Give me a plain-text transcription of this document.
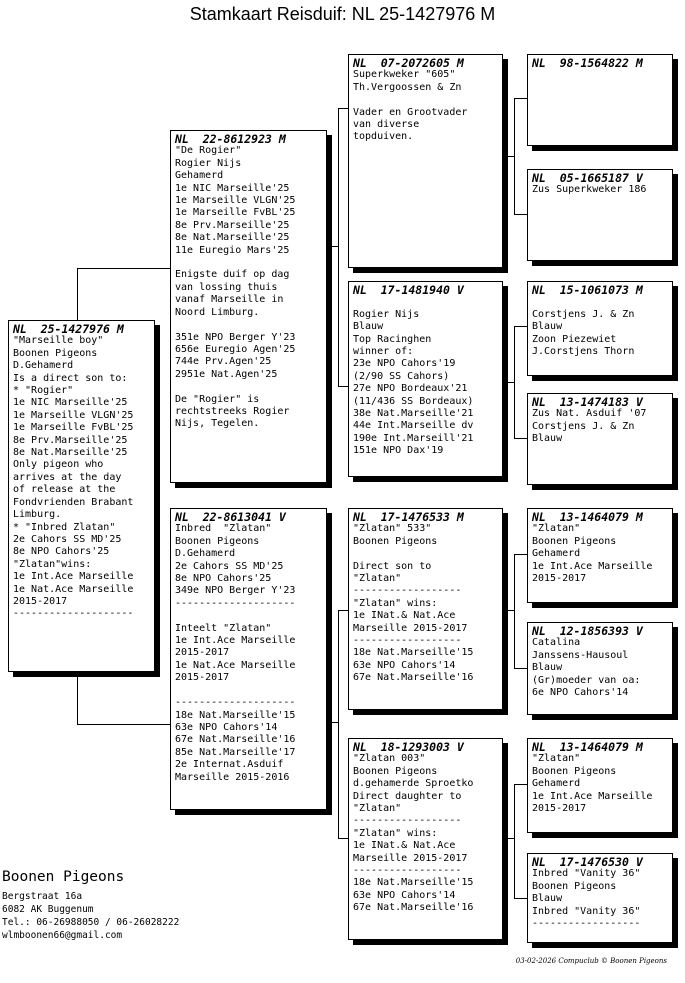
Stamkaart Reisduif: NL 25-1427976 M
NL  25-1427976 M
"Marseille boy"
Boonen Pigeons
D.Gehamerd
Is a direct son to:
* "Rogier"
1e NIC Marseille'25
1e Marseille VLGN'25
1e Marseille FvBL'25
8e Prv.Marseille'25
8e Nat.Marseille'25
Only pigeon who
arrives at the day
of release at the
Fondvrienden Brabant
Limburg.
* "Inbred Zlatan"
2e Cahors SS MD'25
8e NPO Cahors'25
"Zlatan"wins:
1e Int.Ace Marseille
1e Nat.Ace Marseille
2015-2017
--------------------
NL  22-8612923 M
"De Rogier"
Rogier Nijs
Gehamerd
1e NIC Marseille'25
1e Marseille VLGN'25
1e Marseille FvBL'25
8e Prv.Marseille'25
8e Nat.Marseille'25
11e Euregio Mars'25

Enigste duif op dag
van lossing thuis
vanaf Marseille in
Noord Limburg.

351e NPO Berger Y'23
656e Euregio Agen'25
744e Prv.Agen'25
2951e Nat.Agen'25

De "Rogier" is
rechtstreeks Rogier
Nijs, Tegelen.
NL  22-8613041 V
Inbred  "Zlatan"
Boonen Pigeons
D.Gehamerd
2e Cahors SS MD'25
8e NPO Cahors'25
349e NPO Berger Y'23
--------------------

Inteelt "Zlatan"
1e Int.Ace Marseille
2015-2017
1e Nat.Ace Marseille
2015-2017

--------------------
18e Nat.Marseille'15
63e NPO Cahors'14
67e Nat.Marseille'16
85e Nat.Marseille'17
2e Internat.Asduif
Marseille 2015-2016
NL  07-2072605 M
Superkweker "605"
Th.Vergoossen & Zn

Vader en Grootvader
van diverse
topduiven.
NL  17-1481940 V

Rogier Nijs
Blauw
Top Racinghen
winner of:
23e NPO Cahors'19
(2/90 SS Cahors)
27e NPO Bordeaux'21
(11/436 SS Bordeaux)
38e Nat.Marseille'21
44e Int.Marseille dv
190e Int.Marseill'21
151e NPO Dax'19
NL  17-1476533 M
"Zlatan" 533"
Boonen Pigeons

Direct son to
"Zlatan"
------------------
"Zlatan" wins:
1e INat.& Nat.Ace
Marseille 2015-2017
------------------
18e Nat.Marseille'15
63e NPO Cahors'14
67e Nat.Marseille'16
NL  18-1293003 V
"Zlatan 003"
Boonen Pigeons
d.gehamerde Sproetko
Direct daughter to
"Zlatan"
------------------
"Zlatan" wins:
1e INat.& Nat.Ace
Marseille 2015-2017
------------------
18e Nat.Marseille'15
63e NPO Cahors'14
67e Nat.Marseille'16
NL  98-1564822 M
NL  05-1665187 V
Zus Superkweker 186
NL  15-1061073 M

Corstjens J. & Zn
Blauw
Zoon Piezewiet
J.Corstjens Thorn
NL  13-1474183 V
Zus Nat. Asduif '07
Corstjens J. & Zn
Blauw
NL  13-1464079 M
"Zlatan"
Boonen Pigeons
Gehamerd
1e Int.Ace Marseille
2015-2017
NL  12-1856393 V
Catalina
Janssens-Hausoul
Blauw
(Gr)moeder van oa:
6e NPO Cahors'14
NL  13-1464079 M
"Zlatan"
Boonen Pigeons
Gehamerd
1e Int.Ace Marseille
2015-2017
NL  17-1476530 V
Inbred "Vanity 36"
Boonen Pigeons
Blauw
Inbred "Vanity 36"
------------------
Boonen Pigeons
Bergstraat 16a
6082 AK Buggenum
Tel.: 06-26988050 / 06-26028222
wlmboonen66@gmail.com
03-02-2026 Compuclub © Boonen Pigeons
